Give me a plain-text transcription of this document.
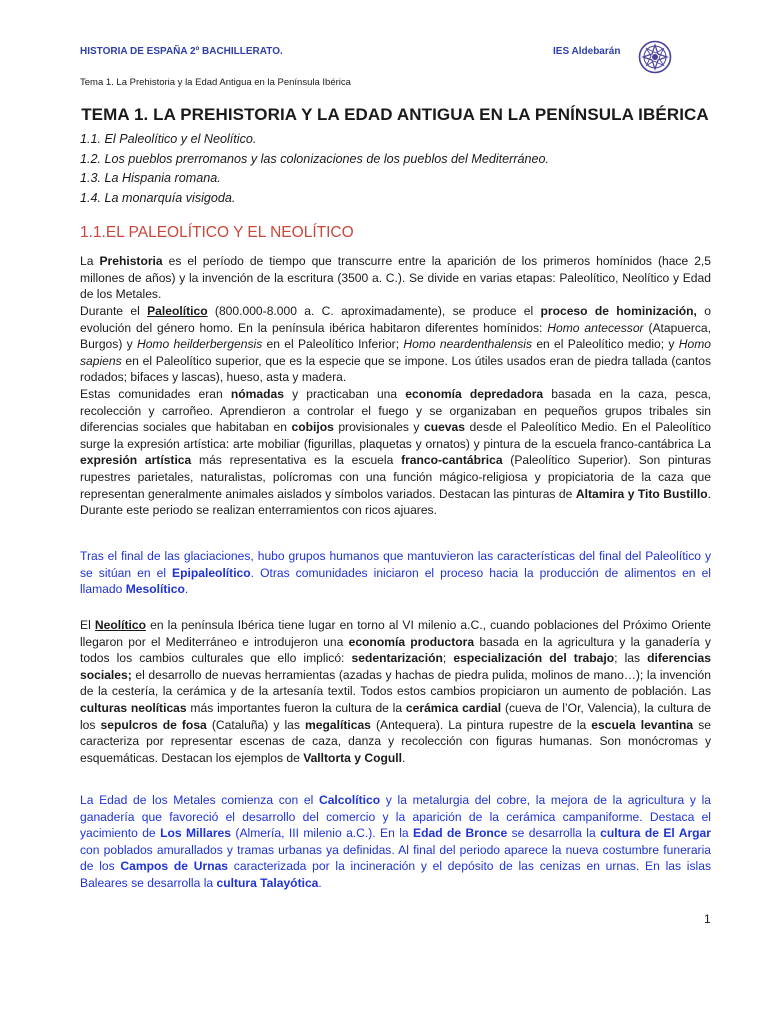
HISTORIA DE ESPAÑA 2º BACHILLERATO.	IES Aldebarán
Tema 1. La Prehistoria y la Edad Antigua en la Península Ibérica
TEMA 1. LA PREHISTORIA Y LA EDAD ANTIGUA EN LA PENÍNSULA IBÉRICA
1.1. El Paleolítico y el Neolítico.
1.2. Los pueblos prerromanos y las colonizaciones de los pueblos del Mediterráneo.
1.3. La Hispania romana.
1.4. La monarquía visigoda.
1.1.EL PALEOLÍTICO Y EL NEOLÍTICO
La Prehistoria es el período de tiempo que transcurre entre la aparición de los primeros homínidos (hace 2,5 millones de años) y la invención de la escritura (3500 a. C.). Se divide en varias etapas: Paleolítico, Neolítico y Edad de los Metales.
Durante el Paleolítico (800.000-8.000 a. C. aproximadamente), se produce el proceso de hominización, o evolución del género homo. En la península ibérica habitaron diferentes homínidos: Homo antecessor (Atapuerca, Burgos) y Homo heilderbergensis en el Paleolítico Inferior; Homo neardenthalensis en el Paleolítico medio; y Homo sapiens en el Paleolítico superior, que es la especie que se impone. Los útiles usados eran de piedra tallada (cantos rodados; bifaces y lascas), hueso, asta y madera.
Estas comunidades eran nómadas y practicaban una economía depredadora basada en la caza, pesca, recolección y carroñeo. Aprendieron a controlar el fuego y se organizaban en pequeños grupos tribales sin diferencias sociales que habitaban en cobijos provisionales y cuevas desde el Paleolítico Medio. En el Paleolítico surge la expresión artística: arte mobiliar (figurillas, plaquetas y ornatos) y pintura de la escuela franco-cantábrica La expresión artística más representativa es la escuela franco-cantábrica (Paleolítico Superior). Son pinturas rupestres parietales, naturalistas, polícromas con una función mágico-religiosa y propiciatoria de la caza que representan generalmente animales aislados y símbolos variados. Destacan las pinturas de Altamira y Tito Bustillo. Durante este periodo se realizan enterramientos con ricos ajuares.
Tras el final de las glaciaciones, hubo grupos humanos que mantuvieron las características del final del Paleolítico y se sitúan en el Epipaleolítico. Otras comunidades iniciaron el proceso hacia la producción de alimentos en el llamado Mesolítico.
El Neolítico en la península Ibérica tiene lugar en torno al VI milenio a.C., cuando poblaciones del Próximo Oriente llegaron por el Mediterráneo e introdujeron una economía productora basada en la agricultura y la ganadería y todos los cambios culturales que ello implicó: sedentarización; especialización del trabajo; las diferencias sociales; el desarrollo de nuevas herramientas (azadas y hachas de piedra pulida, molinos de mano…); la invención de la cestería, la cerámica y de la artesanía textil. Todos estos cambios propiciaron un aumento de población. Las culturas neolíticas más importantes fueron la cultura de la cerámica cardial (cueva de l’Or, Valencia), la cultura de los sepulcros de fosa (Cataluña) y las megalíticas (Antequera). La pintura rupestre de la escuela levantina se caracteriza por representar escenas de caza, danza y recolección con figuras humanas. Son monócromas y esquemáticas. Destacan los ejemplos de Valltorta y Cogull.
La Edad de los Metales comienza con el Calcolítico y la metalurgia del cobre, la mejora de la agricultura y la ganadería que favoreció el desarrollo del comercio y la aparición de la cerámica campaniforme. Destaca el yacimiento de Los Millares (Almería, III milenio a.C.). En la Edad de Bronce se desarrolla la cultura de El Argar con poblados amurallados y tramas urbanas ya definidas. Al final del periodo aparece la nueva costumbre funeraria de los Campos de Urnas caracterizada por la incineración y el depósito de las cenizas en urnas. En las islas Baleares se desarrolla la cultura Talayótica.
1
